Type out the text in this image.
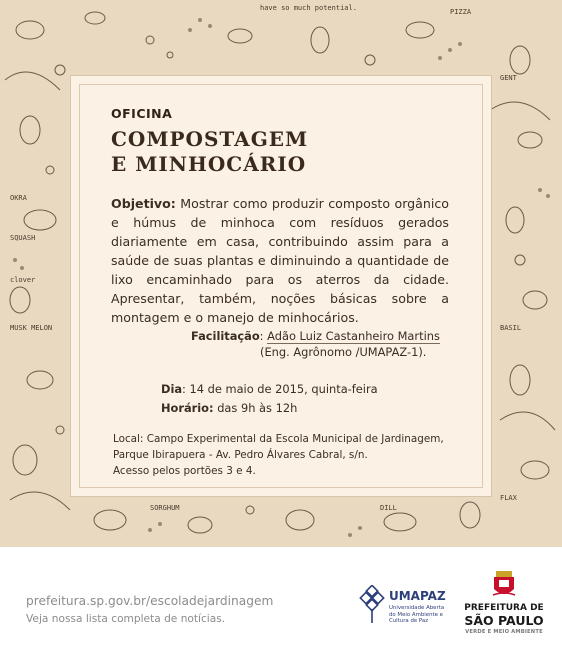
have so much potential.	PIZZA
GENT
OKRA
SQUASH
clover
MUSK MELON	BASIL
SORGHUM	DILL
FLAX
OFICINA
COMPOSTAGEM
E MINHOCÁRIO
Objetivo: Mostrar como produzir composto orgânico e húmus de minhoca com resíduos gerados diariamente em casa, contribuindo assim para a saúde de suas plantas e diminuindo a quantidade de lixo encaminhado para os aterros da cidade. Apresentar, também, noções básicas sobre a montagem e o manejo de minhocários.
Facilitação: Adão Luiz Castanheiro Martins
(Eng. Agrônomo /UMAPAZ-1).
Dia: 14 de maio de 2015, quinta-feira
Horário: das 9h às 12h
Local: Campo Experimental da Escola Municipal de Jardinagem,
Parque Ibirapuera - Av. Pedro Álvares Cabral, s/n.
Acesso pelos portões 3 e 4.
prefeitura.sp.gov.br/escoladejardinagem
Veja nossa lista completa de notícias.
UMAPAZ
Universidade Aberta do Meio Ambiente e Cultura de Paz
PREFEITURA DE
SÃO PAULO
VERDE E MEIO AMBIENTE
